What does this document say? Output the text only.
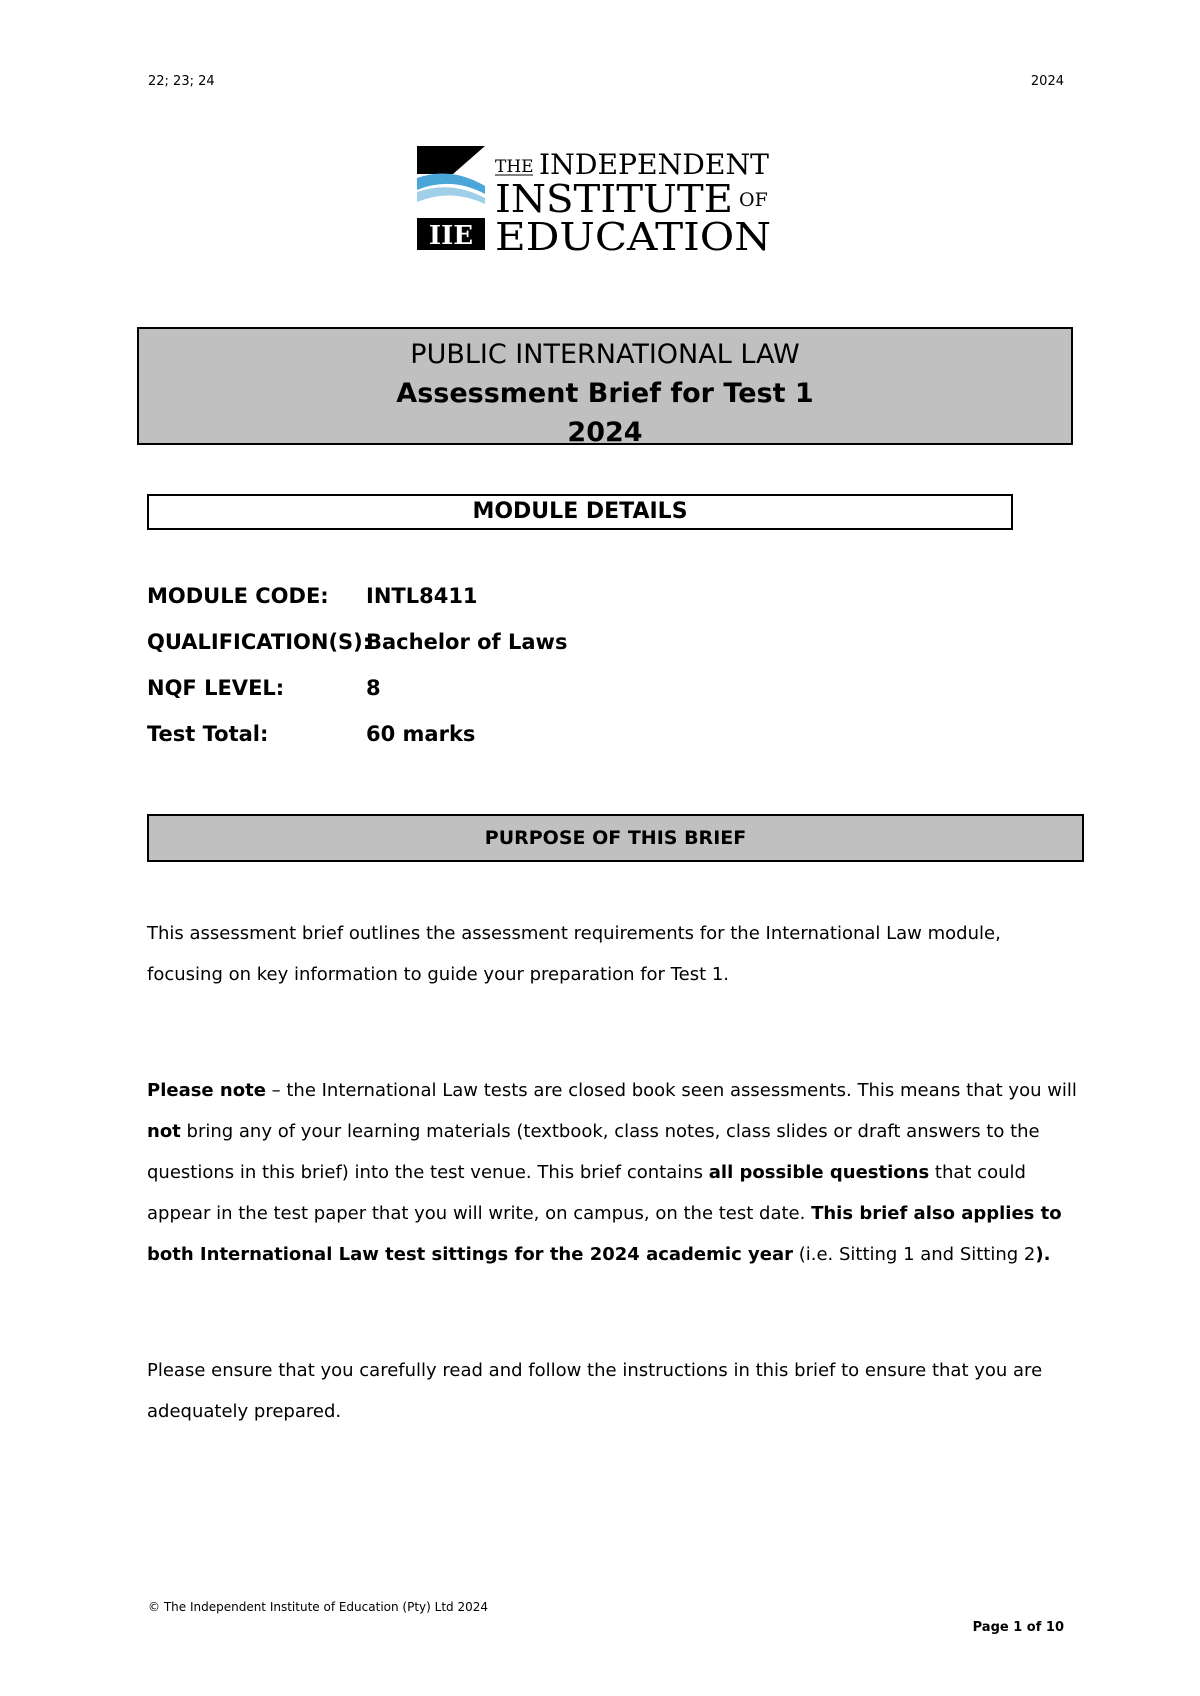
22; 23; 24	2024
IIE
THE INDEPENDENT
INSTITUTE OF
EDUCATION
PUBLIC INTERNATIONAL LAW
Assessment Brief for Test 1
2024
MODULE DETAILS
MODULE CODE:	INTL8411
QUALIFICATION(S):
Bachelor of Laws
NQF LEVEL:	8
Test Total:	60 marks
PURPOSE OF THIS BRIEF

This assessment brief outlines the assessment requirements for the International Law module, focusing on key information to guide your preparation for Test 1.

Please note – the International Law tests are closed book seen assessments. This means that you will not bring any of your learning materials (textbook, class notes, class slides or draft answers to the questions in this brief) into the test venue. This brief contains all possible questions that could appear in the test paper that you will write, on campus, on the test date. This brief also applies to both International Law test sittings for the 2024 academic year (i.e. Sitting 1 and Sitting 2).

Please ensure that you carefully read and follow the instructions in this brief to ensure that you are adequately prepared.

© The Independent Institute of Education (Pty) Ltd 2024
Page 1 of 10
